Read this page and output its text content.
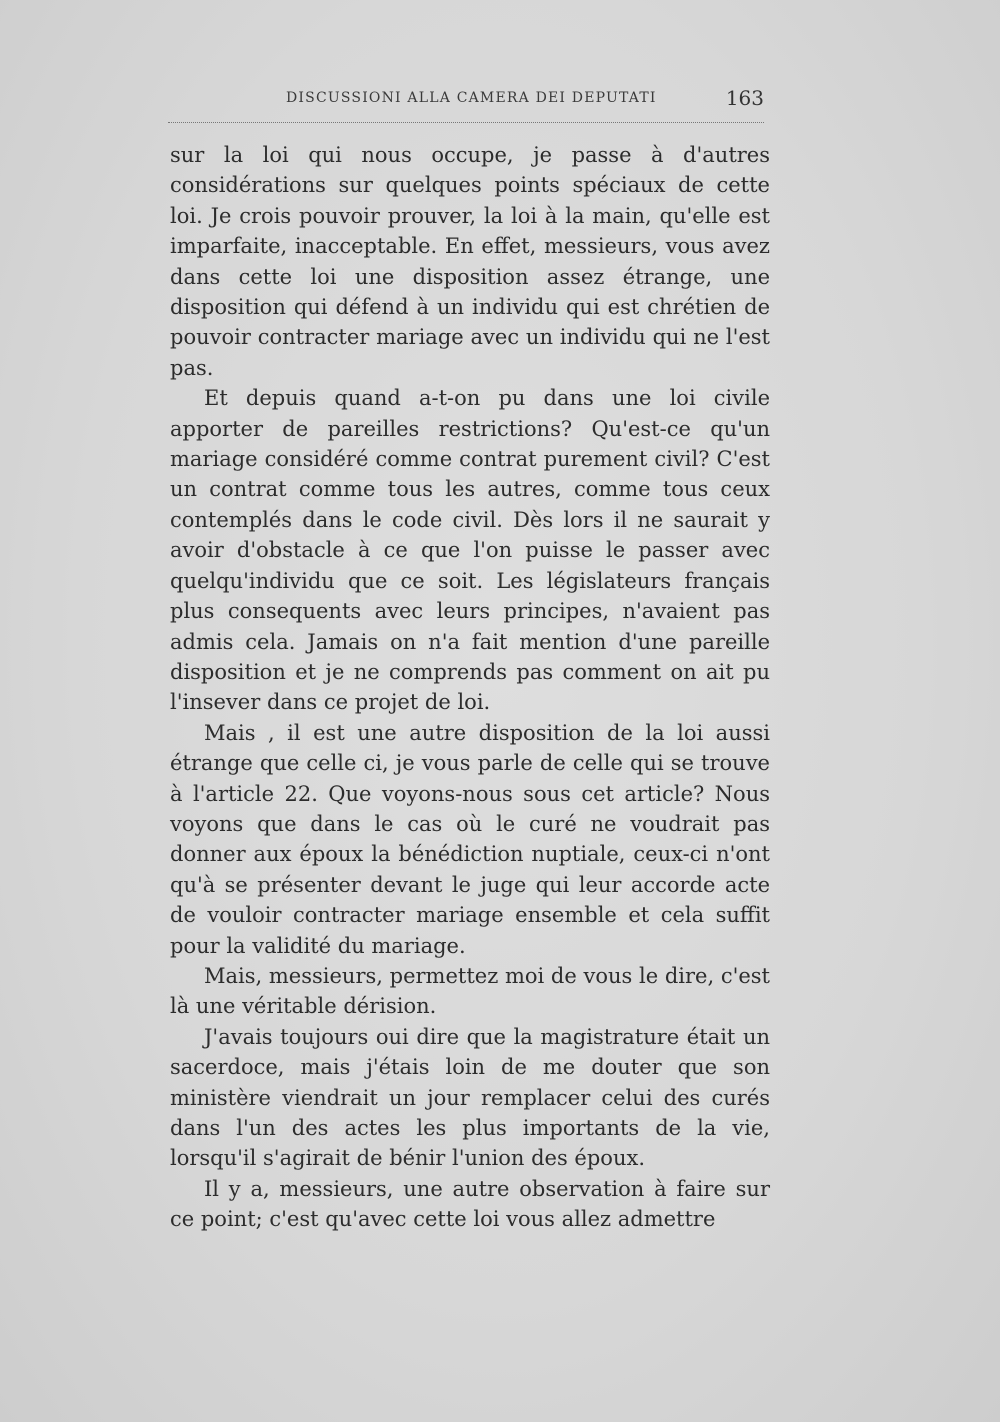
DISCUSSIONI ALLA CAMERA DEI DEPUTATI	163

sur la loi qui nous occupe, je passe à d'autres considérations sur quelques points spéciaux de cette loi. Je crois pouvoir prouver, la loi à la main, qu'elle est imparfaite, inacceptable. En effet, messieurs, vous avez dans cette loi une disposition assez étrange, une disposition qui défend à un individu qui est chrétien de pouvoir contracter mariage avec un individu qui ne l'est pas.

Et depuis quand a-t-on pu dans une loi civile apporter de pareilles restrictions? Qu'est-ce qu'un mariage considéré comme contrat purement civil? C'est un contrat comme tous les autres, comme tous ceux contemplés dans le code civil. Dès lors il ne saurait y avoir d'obstacle à ce que l'on puisse le passer avec quelqu'individu que ce soit. Les législateurs français plus consequents avec leurs principes, n'avaient pas admis cela. Jamais on n'a fait mention d'une pareille disposition et je ne comprends pas comment on ait pu l'insever dans ce projet de loi.

Mais , il est une autre disposition de la loi aussi étrange que celle ci, je vous parle de celle qui se trouve à l'article 22. Que voyons-nous sous cet article? Nous voyons que dans le cas où le curé ne voudrait pas donner aux époux la bénédiction nuptiale, ceux-ci n'ont qu'à se présenter devant le juge qui leur accorde acte de vouloir contracter mariage ensemble et cela suffit pour la validité du mariage.

Mais, messieurs, permettez moi de vous le dire, c'est là une véritable dérision.

J'avais toujours oui dire que la magistrature était un sacerdoce, mais j'étais loin de me douter que son ministère viendrait un jour remplacer celui des curés dans l'un des actes les plus importants de la vie, lorsqu'il s'agirait de bénir l'union des époux.

Il y a, messieurs, une autre observation à faire sur ce point; c'est qu'avec cette loi vous allez admettre
